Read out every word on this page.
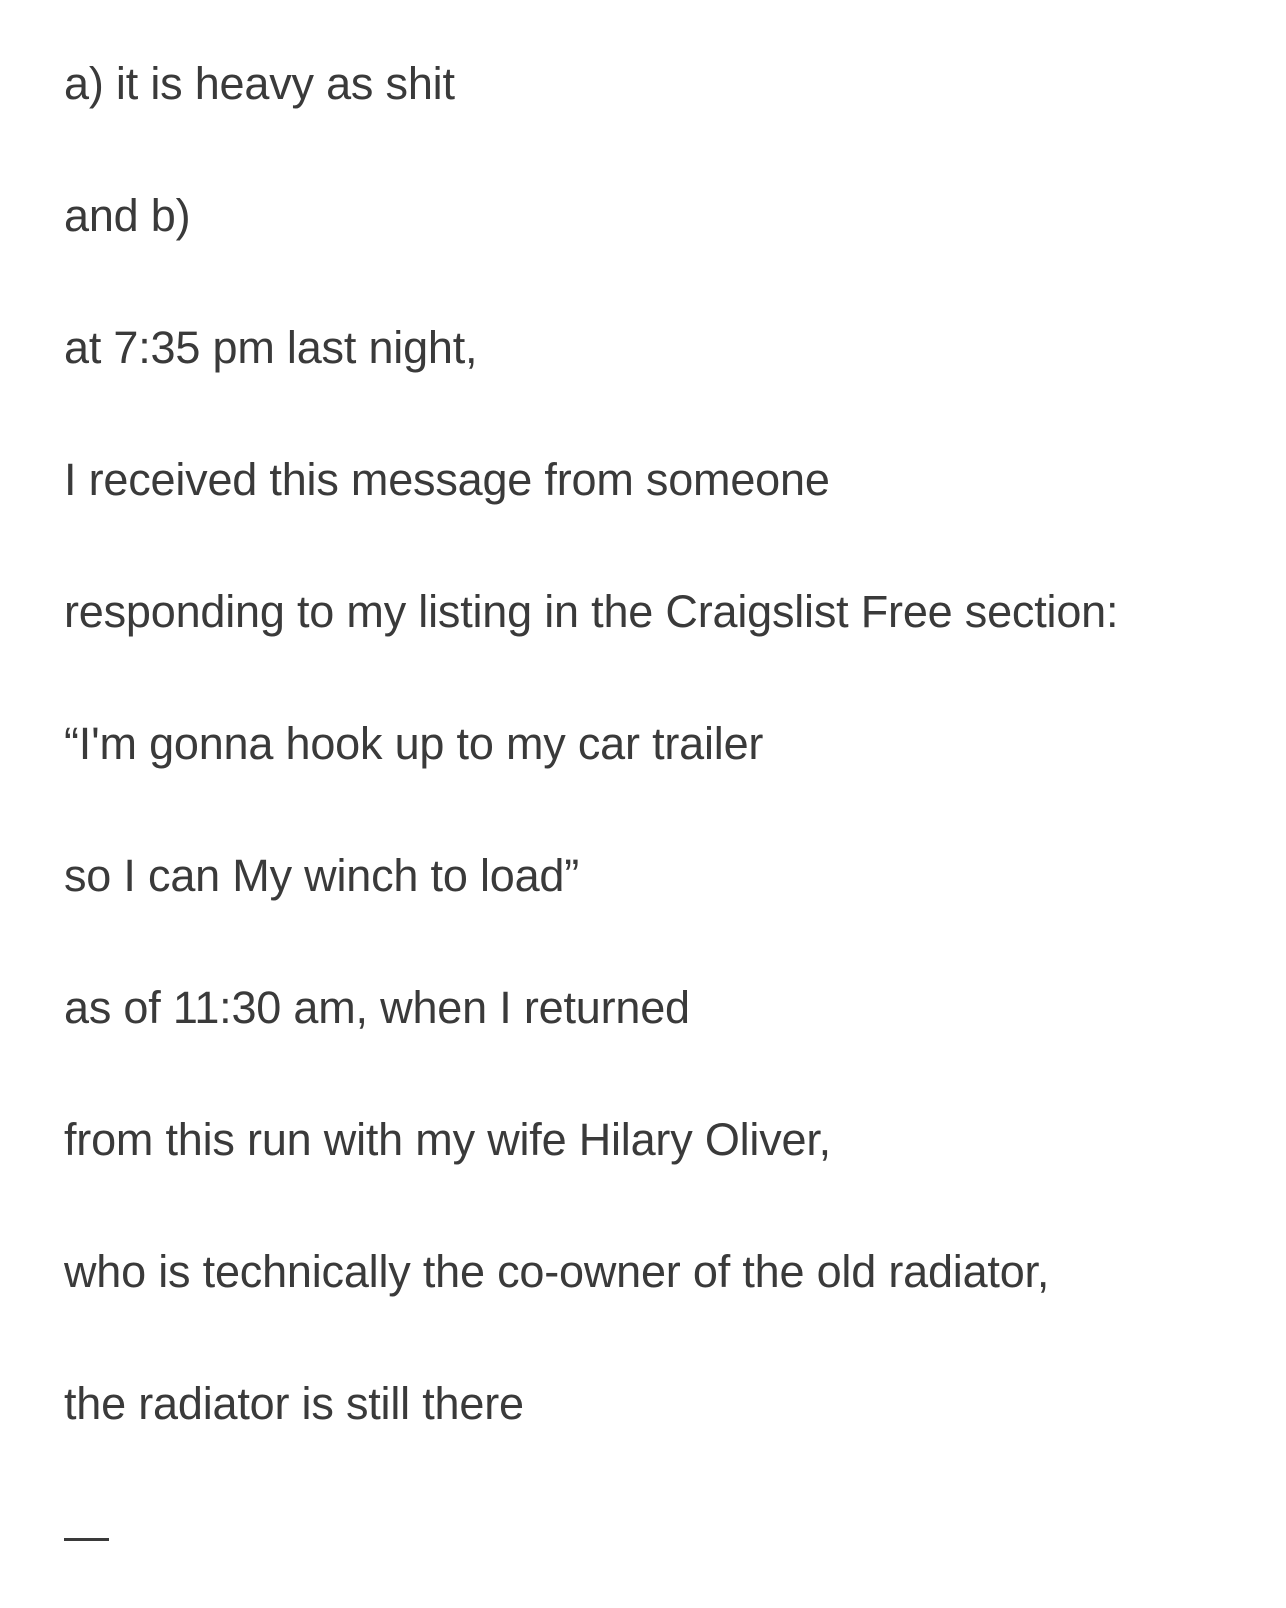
a) it is heavy as shit

and b)

at 7:35 pm last night,

I received this message from someone

responding to my listing in the Craigslist Free section:

“I'm gonna hook up to my car trailer

so I can My winch to load”

as of 11:30 am, when I returned

from this run with my wife Hilary Oliver,

who is technically the co-owner of the old radiator,

the radiator is still there

—
